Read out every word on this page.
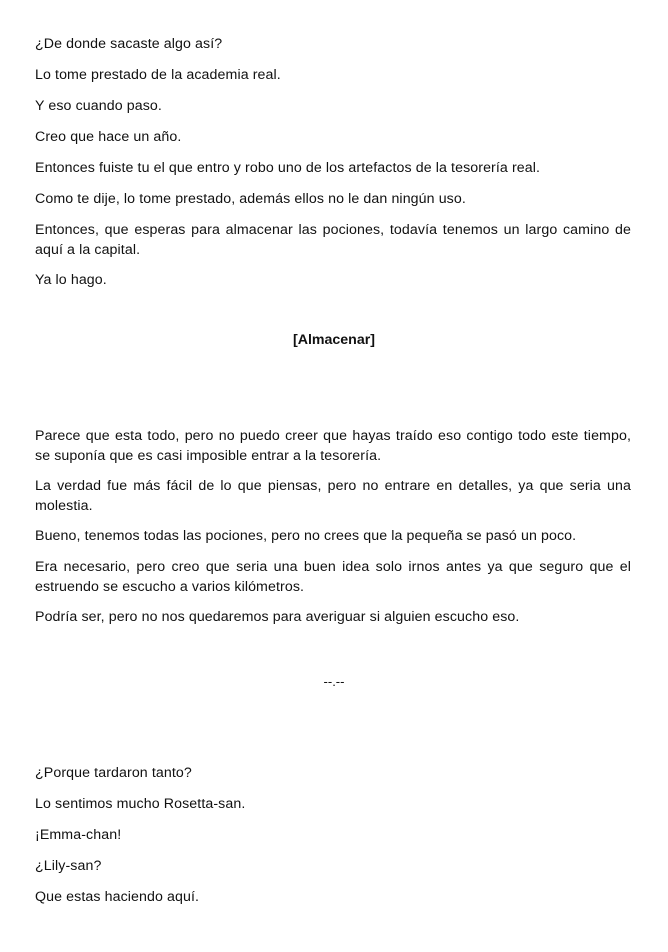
¿De donde sacaste algo así?
Lo tome prestado de la academia real.
Y eso cuando paso.
Creo que hace un año.
Entonces fuiste tu el que entro y robo uno de los artefactos de la tesorería real.
Como te dije, lo tome prestado, además ellos no le dan ningún uso.
Entonces, que esperas para almacenar las pociones, todavía tenemos un largo camino de aquí a la capital.
Ya lo hago.
[Almacenar]
Parece que esta todo, pero no puedo creer que hayas traído eso contigo todo este tiempo, se suponía que es casi imposible entrar a la tesorería.
La verdad fue más fácil de lo que piensas, pero no entrare en detalles, ya que seria una molestia.
Bueno, tenemos todas las pociones, pero no crees que la pequeña se pasó un poco.
Era necesario, pero creo que seria una buen idea solo irnos antes ya que seguro que el estruendo se escucho a varios kilómetros.
Podría ser, pero no nos quedaremos para averiguar si alguien escucho eso.
--.--
¿Porque tardaron tanto?
Lo sentimos mucho Rosetta-san.
¡Emma-chan!
¿Lily-san?
Que estas haciendo aquí.
